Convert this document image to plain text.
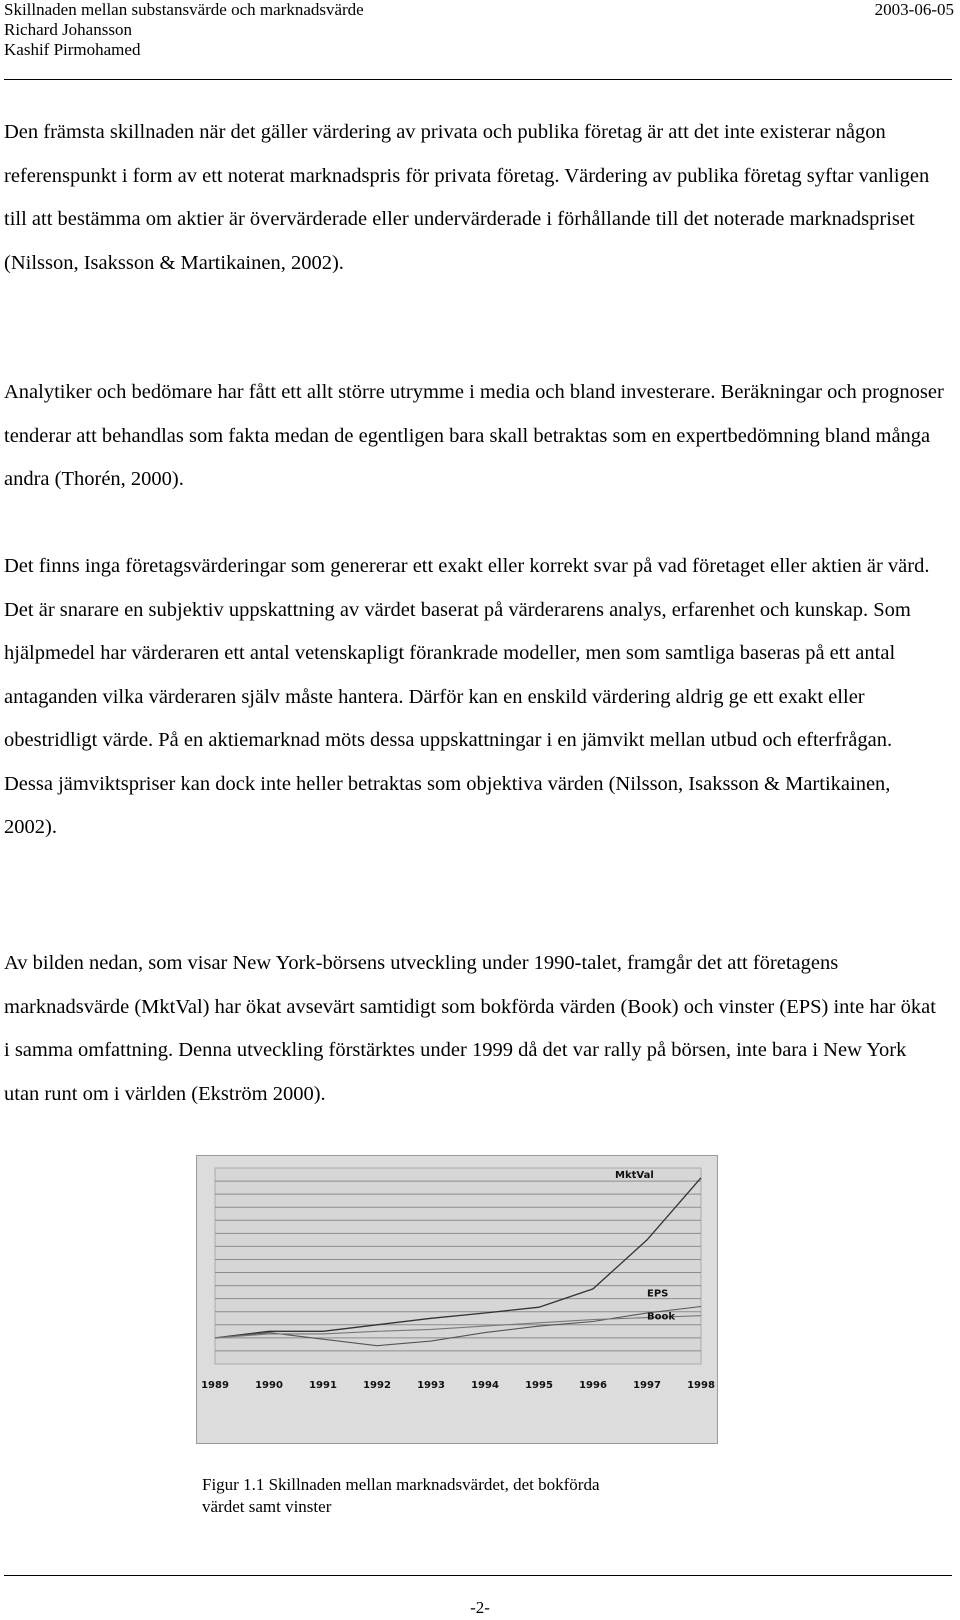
Skillnaden mellan substansvärde och marknadsvärde	2003-06-05
Richard Johansson
Kashif Pirmohamed

Den främsta skillnaden när det gäller värdering av privata och publika företag är att det inte existerar någon referenspunkt i form av ett noterat marknadspris för privata företag. Värdering av publika företag syftar vanligen till att bestämma om aktier är övervärderade eller undervärderade i förhållande till det noterade marknadspriset (Nilsson, Isaksson & Martikainen, 2002).

Analytiker och bedömare har fått ett allt större utrymme i media och bland investerare. Beräkningar och prognoser tenderar att behandlas som fakta medan de egentligen bara skall betraktas som en expertbedömning bland många andra (Thorén, 2000).

Det finns inga företagsvärderingar som genererar ett exakt eller korrekt svar på vad företaget eller aktien är värd. Det är snarare en subjektiv uppskattning av värdet baserat på värderarens analys, erfarenhet och kunskap. Som hjälpmedel har värderaren ett antal vetenskapligt förankrade modeller, men som samtliga baseras på ett antal antaganden vilka värderaren själv måste hantera. Därför kan en enskild värdering aldrig ge ett exakt eller obestridligt värde. På en aktiemarknad möts dessa uppskattningar i en jämvikt mellan utbud och efterfrågan. Dessa jämviktspriser kan dock inte heller betraktas som objektiva värden (Nilsson, Isaksson & Martikainen, 2002).

Av bilden nedan, som visar New York-börsens utveckling under 1990-talet, framgår det att företagens marknadsvärde (MktVal) har ökat avsevärt samtidigt som bokförda värden (Book) och vinster (EPS) inte har ökat i samma omfattning. Denna utveckling förstärktes under 1999 då det var rally på börsen, inte bara i New York utan runt om i världen (Ekström 2000).

MktVal
EPS
Book
1989	1990	1991	1992	1993	1994	1995	1996	1997	1998
Figur 1.1 Skillnaden mellan marknadsvärdet, det bokförda värdet samt vinster
-2-
